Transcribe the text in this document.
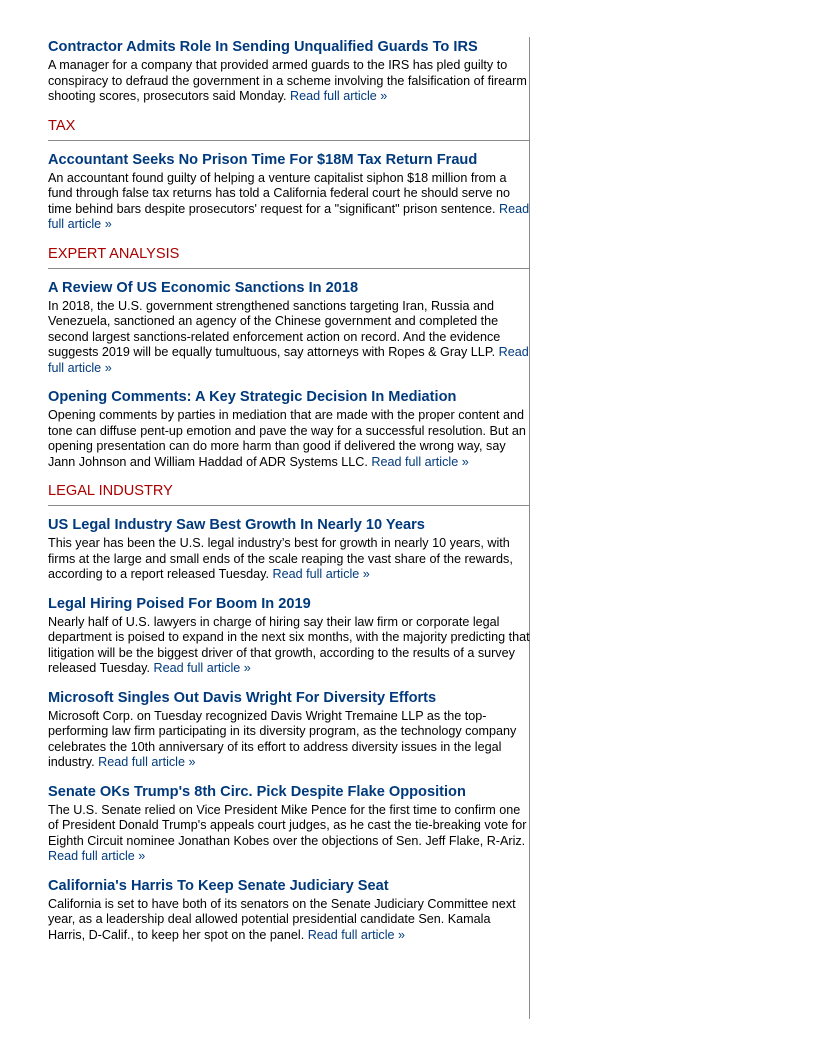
Contractor Admits Role In Sending Unqualified Guards To IRS

A manager for a company that provided armed guards to the IRS has pled guilty to conspiracy to defraud the government in a scheme involving the falsification of firearm shooting scores, prosecutors said Monday. Read full article »

TAX
Accountant Seeks No Prison Time For $18M Tax Return Fraud

An accountant found guilty of helping a venture capitalist siphon $18 million from a fund through false tax returns has told a California federal court he should serve no time behind bars despite prosecutors' request for a "significant" prison sentence. Read full article »

EXPERT ANALYSIS
A Review Of US Economic Sanctions In 2018

In 2018, the U.S. government strengthened sanctions targeting Iran, Russia and Venezuela, sanctioned an agency of the Chinese government and completed the second largest sanctions-related enforcement action on record. And the evidence suggests 2019 will be equally tumultuous, say attorneys with Ropes & Gray LLP. Read full article »

Opening Comments: A Key Strategic Decision In Mediation

Opening comments by parties in mediation that are made with the proper content and tone can diffuse pent-up emotion and pave the way for a successful resolution. But an opening presentation can do more harm than good if delivered the wrong way, say Jann Johnson and William Haddad of ADR Systems LLC. Read full article »

LEGAL INDUSTRY
US Legal Industry Saw Best Growth In Nearly 10 Years

This year has been the U.S. legal industry’s best for growth in nearly 10 years, with firms at the large and small ends of the scale reaping the vast share of the rewards, according to a report released Tuesday. Read full article »

Legal Hiring Poised For Boom In 2019

Nearly half of U.S. lawyers in charge of hiring say their law firm or corporate legal department is poised to expand in the next six months, with the majority predicting that litigation will be the biggest driver of that growth, according to the results of a survey released Tuesday. Read full article »

Microsoft Singles Out Davis Wright For Diversity Efforts

Microsoft Corp. on Tuesday recognized Davis Wright Tremaine LLP as the top-performing law firm participating in its diversity program, as the technology company celebrates the 10th anniversary of its effort to address diversity issues in the legal industry. Read full article »

Senate OKs Trump's 8th Circ. Pick Despite Flake Opposition

The U.S. Senate relied on Vice President Mike Pence for the first time to confirm one of President Donald Trump's appeals court judges, as he cast the tie-breaking vote for Eighth Circuit nominee Jonathan Kobes over the objections of Sen. Jeff Flake, R-Ariz. Read full article »

California's Harris To Keep Senate Judiciary Seat

California is set to have both of its senators on the Senate Judiciary Committee next year, as a leadership deal allowed potential presidential candidate Sen. Kamala Harris, D-Calif., to keep her spot on the panel. Read full article »
